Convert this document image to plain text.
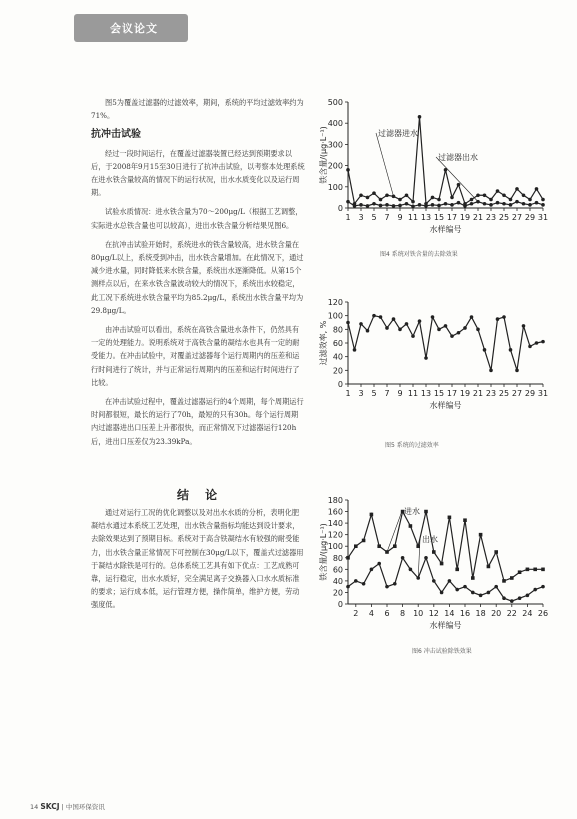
会议论文

图5为覆盖过滤器的过滤效率，期间，系统的平均过滤效率约为71%。

抗冲击试验

经过一段时间运行，在覆盖过滤器装置已经达到预期要求以后，于2008年9月15至30日进行了抗冲击试验，以考察本处理系统在进水铁含量较高的情况下的运行状况，出水水质变化以及运行周期。

试验水质情况：进水铁含量为70～200μg/L（根据工艺调整，实际进水总铁含量也可以较高），进出水铁含量分析结果见图6。

在抗冲击试验开始时，系统进水的铁含量较高，进水铁含量在80μg/L以上，系统受到冲击，出水铁含量增加。在此情况下，通过减少进水量，同时降低来水铁含量，系统出水逐渐降低。从第15个测样点以后，在来水铁含量波动较大的情况下，系统出水较稳定，此工况下系统进水铁含量平均为85.2μg/L，系统出水铁含量平均为29.8μg/L。

由冲击试验可以看出，系统在高铁含量进水条件下，仍然具有一定的处理能力。说明系统对于高铁含量的凝结水也具有一定的耐受能力。在冲击试验中，对覆盖过滤器每个运行周期内的压差和运行时间进行了统计，并与正常运行周期内的压差和运行时间进行了比较。

在冲击试验过程中，覆盖过滤器运行的4个周期，每个周期运行时间都很短，最长的运行了70h，最短的只有30h。每个运行周期内过滤器进出口压差上升都很快，而正常情况下过滤器运行120h后，进出口压差仅为23.39kPa。

结 论

通过对运行工况的优化调整以及对出水水质的分析，表明化肥凝结水通过本系统工艺处理，出水铁含量指标均能达到设计要求，去除效果达到了预期目标。系统对于高含铁凝结水有较强的耐受能力，出水铁含量正常情况下可控制在30μg/L以下，覆盖式过滤器用于凝结水除铁是可行的。总体系统工艺具有如下优点：工艺成熟可靠，运行稳定，出水水质好，完全满足离子交换器入口水水质标准的要求；运行成本低，运行管理方便，操作简单，维护方便，劳动强度低。

0
100
200
300
400
500
1 3 5 7 9 11 13 15 17 19 21 23 25 27 29 31
水样编号
铁含量/(μg·L⁻¹)	过滤器进水
过滤器出水
图4 系统对铁含量的去除效果
0
20
40
60
80
100
120
1 3 5 7 9 11 13 15 17 19 21 23 25 27 29 31
水样编号
过滤效率, %
图5 系统的过滤效率
0
20
40
60
80
100
120
140
160
180
2 4 6 8 10 12 14 16 18 20 22 24 26
水样编号
铁含量/(μg·L⁻¹)
进水
出水
图6 冲击试验除铁效果
14 SKCJ | 中国环保资讯
